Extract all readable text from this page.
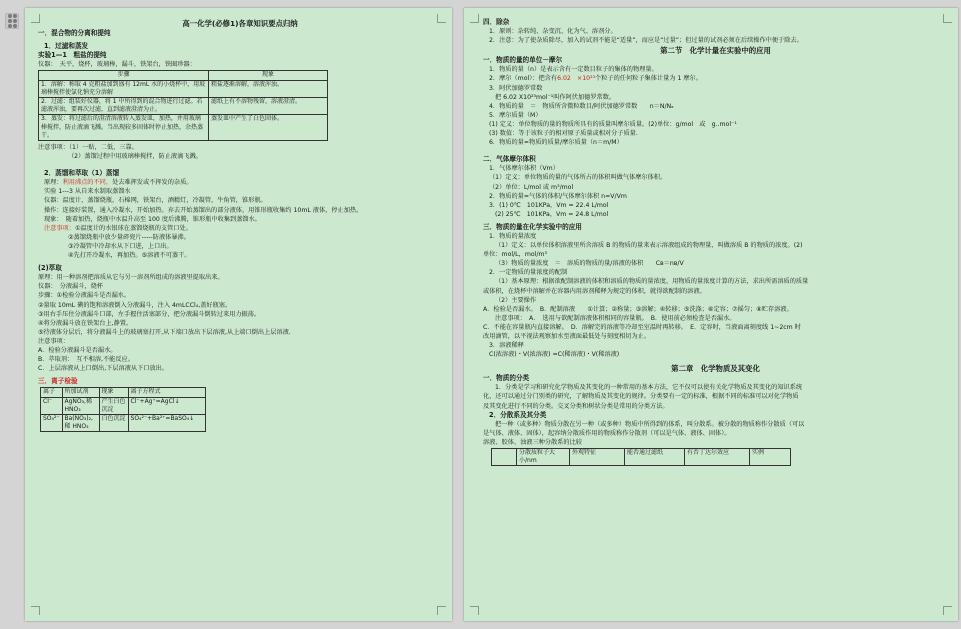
高一化学(必修1)各章知识要点归纳

一．混合物的分离和提纯

1．过滤和蒸发

实验1—1　粗盐的提纯

仪器：　天平，烧杯，玻璃棒，漏斗，铁架台，铁圈珍器：

步骤	现象
1．溶解：称取 4 克粗盐加到盛有 12mL 水的小烧杯中，用玻璃棒搅拌使氯化钠充分溶解	粗盐逐渐溶解，溶液浑浊。
2．过滤：组装好仪器，将 1 中所得到的混合物进行过滤。若滤液浑浊，要再次过滤，直到滤液澄清为止。	滤纸上有不溶物残留，溶液澄清。
3．蒸发：将过滤后的澄清溶液转入蒸发皿，加热，并用玻璃棒搅拌，防止液滴飞溅。当出现较多固体时停止加热，余热蒸干。	蒸发皿中产生了白色固体。

注意事项：（1）一贴，二低，三靠。

（2）蒸馏过程中用玻璃棒搅拌，防止液滴飞溅。

2．蒸馏和萃取（1）蒸馏

原理：利用沸点的不同，处去难挥发或不挥发的杂质。

实验 1---3 从自来水制取蒸馏水

仪器：温度计，蒸馏烧瓶，石棉网，铁架台，酒精灯，冷凝管，牛角管，锥形瓶。

操作：连接好装置，通入冷凝水，开始加热。弃去开始蒸馏出的部分液体，用锥形瓶收集约 10mL 液体，停止加热。

现象：　随着加热，烧瓶中水温升高至 100 度后沸腾，锥形瓶中收集到蒸馏水。

注意事项：①温度计的水银球在蒸馏烧瓶的支管口处。

②蒸馏烧瓶中放少量碎瓷片-----防液体暴沸。

③冷凝管中冷却水从下口进，上口出。

④先打开冷凝水，再加热。⑤溶液不可蒸干。

(2)萃取

原理：用一种溶剂把溶质从它与另一溶剂所组成的溶液里提取出来。

仪器：　分液漏斗，烧杯

步骤：①检验分液漏斗是否漏水。

②量取 10mL 碘的饱和溶液倒入分液漏斗，注入 4mLCCl₄,盖好瓶塞。

③用右手压住分液漏斗口部，左手握住活塞部分，把分液漏斗倒转过来用力振荡。

④将分液漏斗放在铁架台上,静置。

⑤待液体分层后，将分液漏斗上的玻璃塞打开,从下端口放出下层溶液,从上端口倒出上层溶液.

注意事项：

A．检验分液漏斗是否漏水。

B．萃取剂：　互不相溶,不能反应。

C．上层溶液从上口倒出,下层溶液从下口放出。

三．离子检验

离子	所加试剂	现象	离子方程式
Cl⁻	AgNO₃,稀 HNO₃	产生白色沉淀	Cl⁻+Ag⁺=AgCl↓
SO₄²⁻	Ba(NO₃)₂,稀 HNO₃	白色沉淀	SO₄²⁻+Ba²⁺=BaSO₄↓

四．除杂

1．原则：杂转纯、杂变沉、化为气、溶剂分。

2．注意：为了使杂质除尽，加入的试剂不能是“适量”，而应是“过量”；但过量的试剂必须在后续操作中便于除去。

第二节　化学计量在实验中的应用

一．物质的量的单位－摩尔

1．物质的量（n）是表示含有一定数目粒子的集体的物理量。

2．摩尔（mol）：把含有6.02　×10²³个粒子的任何粒子集体计量为 1 摩尔。

3．阿伏加德罗常数

把 6.02 X10²³mol⁻¹叫作阿伏加德罗常数。

4．物质的量　＝　物质所含微粒数目/阿伏加德罗常数　　n＝N/Nₐ

5．摩尔质量（M）

(1) 定义：单位物质的量的物质所具有的质量叫摩尔质量。(2)单位：g/mol　或　g..mol⁻¹

(3) 数值：等于该粒子的相对原子质量或相对分子质量.

6．物质的量=物质的质量/摩尔质量（n＝m/M）

二．气体摩尔体积

1．气体摩尔体积（Vm）

（1）定义：单位物质的量的气体所占的体积叫做气体摩尔体积。

（2）单位：L/mol 或 m³/mol

2．物质的量=气体的体积/气体摩尔体积 n=V/Vm

3．(1) 0℃　101KPa，Vm = 22.4 L/mol

(2) 25℃　101KPa，Vm = 24.8 L/mol

三．物质的量在化学实验中的应用

1．物质的量浓度

（1）定义：以单位体积溶液里所含溶质 B 的物质的量来表示溶液组成的物理量，叫做溶质 B 的物质的浓度。(2)

单位：mol/L，mol/m³

（3）物质的量浓度　＝　溶质的物质的量/溶液的体积　　Cв＝nв/V

2．一定物质的量浓度的配制

（1）基本原理：根据欲配制溶液的体积和溶质的物质的量浓度，用物质的量浓度计算的方法，求出所需溶质的质量

或体积，在烧杯中溶解并在容器内用溶剂稀释为规定的体积，就得欲配制的溶液。

（2）主要操作

A．检验是否漏水。　B．配制溶液　　①计算；②称量；③溶解；④转移；⑤洗涤；⑥定容；⑦摇匀；⑧贮存溶液。

注意事项：　A．　选用与欲配制溶液体积相同的容量瓶。　B．使用前必须检查是否漏水。

C．不能在容量瓶内直接溶解。　D．溶解完的溶液等冷却至室温时再转移。　E．定容时，当液面离刻度线 1~2cm 时

改用滴管，以平视法观察加水至液面最低处与刻度相切为止。

3．溶液稀释

C(浓溶液)・V(浓溶液) =C(稀溶液)・V(稀溶液)

第二章　化学物质及其变化

一．物质的分类

1．分类是学习和研究化学物质及其变化的一种常用的基本方法，它不仅可以使有关化学物质及其变化的知识系统

化，还可以通过分门别类的研究，了解物质及其变化的规律。分类要有一定的标准，根据不同的标准可以对化学物质

及其变化进行不同的分类。交叉分类和树状分类是常用的分类方法。

2．分散系及其分类

把一种（或多种）物质分散在另一种（或多种）物质中所得到的体系，叫分散系。被分散的物质称作分散质（可以

是气体、液体、固体），起容纳分散质作用的物质称作分散剂（可以是气体、液体、固体）。

溶液、胶体、浊液三种分散系的比较

	分散质粒子大小/nm	外观特征	能否通过滤纸	有否丁达尔效应	实例
